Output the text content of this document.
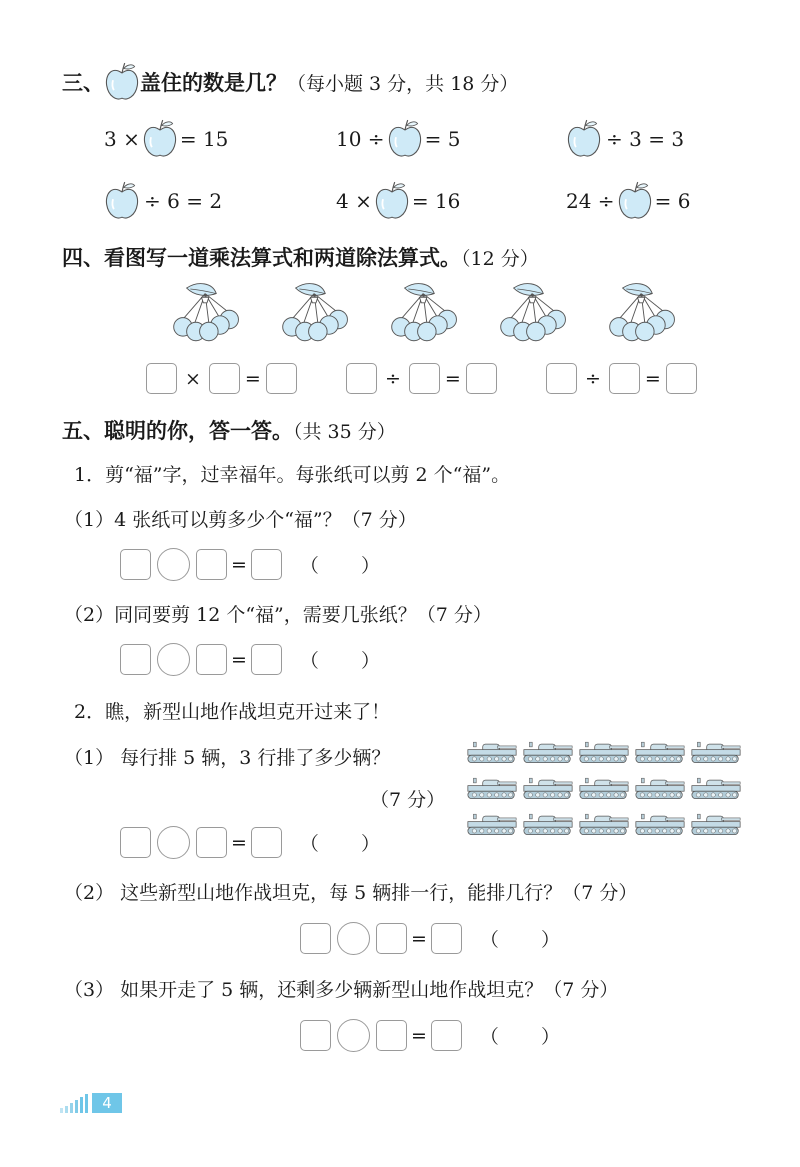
三、 盖住的数是几？ （每小题 3 分，共 18 分）
3 × = 15	10 ÷ = 5	÷ 3 = 3
÷ 6 = 2	4 × = 16	24 ÷ = 6
四、看图写一道乘法算式和两道除法算式。（12 分）
× =	÷ =	÷ =
五、聪明的你，答一答。（共 35 分）
1．剪“福”字，过幸福年。每张纸可以剪 2 个“福”。
（1）4 张纸可以剪多少个“福”？（7 分）
=	（ ）
（2）同同要剪 12 个“福”，需要几张纸？（7 分）
=	（ ）
2．瞧，新型山地作战坦克开过来了！
（1） 每行排 5 辆，3 行排了多少辆？
（7 分）
=	（ ）
（2） 这些新型山地作战坦克，每 5 辆排一行，能排几行？（7 分）
=	（ ）
（3） 如果开走了 5 辆，还剩多少辆新型山地作战坦克？（7 分）
=	（ ）
4
